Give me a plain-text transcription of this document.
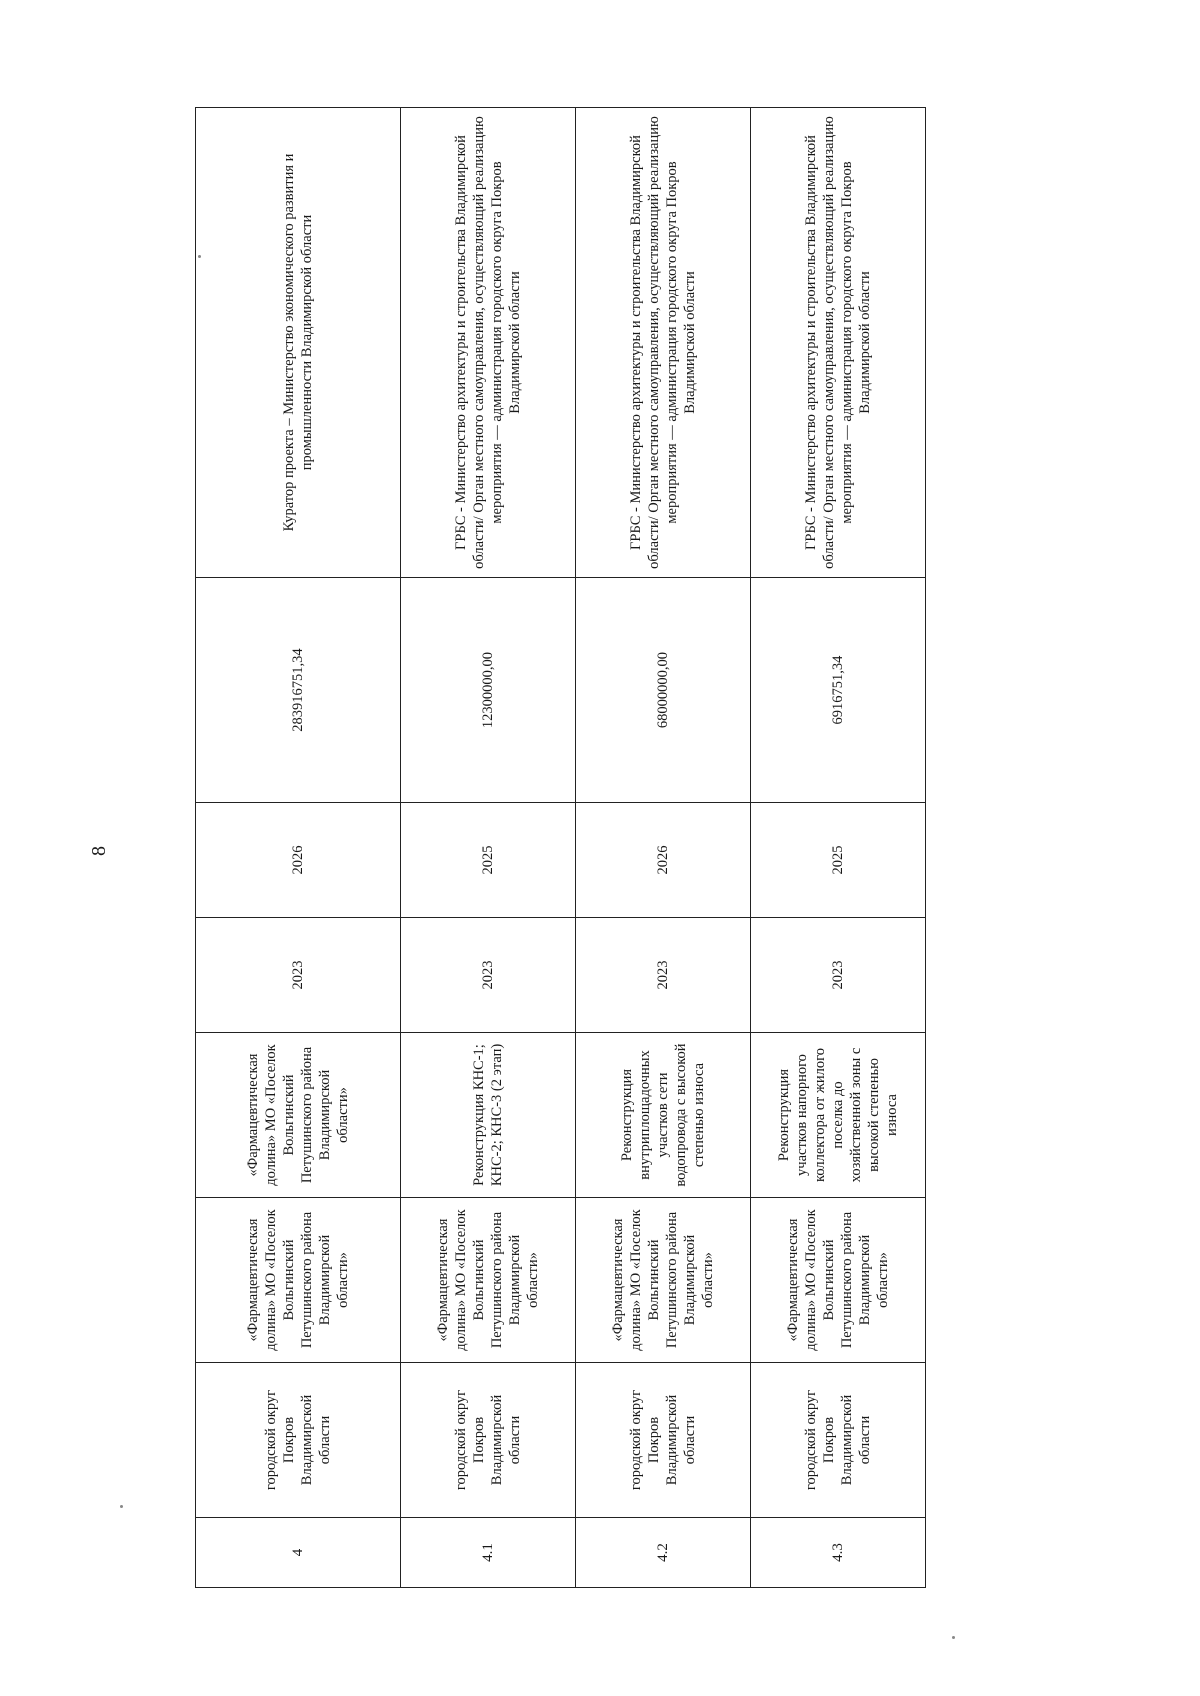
8
4	городской округ Покров Владимирской области	«Фармацевтическая долина» МО «Поселок Вольгинский Петушинского района Владимирской области»	«Фармацевтическая долина» МО «Поселок Вольгинский Петушинского района Владимирской области»	2023	2026	283916751,34	Куратор проекта – Министерство экономического развития и промышленности Владимирской области
4.1	городской округ Покров Владимирской области	«Фармацевтическая долина» МО «Поселок Вольгинский Петушинского района Владимирской области»	Реконструкция КНС-1; КНС-2; КНС-3 (2 этап)	2023	2025	12300000,00	ГРБС - Министерство архитектуры и строительства Владимирской области/ Орган местного самоуправления, осуществляющий реализацию мероприятия — администрация городского округа Покров Владимирской области
4.2	городской округ Покров Владимирской области	«Фармацевтическая долина» МО «Поселок Вольгинский Петушинского района Владимирской области»	Реконструкция внутриплощадочных участков сети водопровода с высокой степенью износа	2023	2026	68000000,00	ГРБС - Министерство архитектуры и строительства Владимирской области/ Орган местного самоуправления, осуществляющий реализацию мероприятия — администрация городского округа Покров Владимирской области
4.3	городской округ Покров Владимирской области	«Фармацевтическая долина» МО «Поселок Вольгинский Петушинского района Владимирской области»	Реконструкция участков напорного коллектора от жилого поселка до хозяйственной зоны с высокой степенью износа	2023	2025	6916751,34	ГРБС - Министерство архитектуры и строительства Владимирской области/ Орган местного самоуправления, осуществляющий реализацию мероприятия — администрация городского округа Покров Владимирской области
